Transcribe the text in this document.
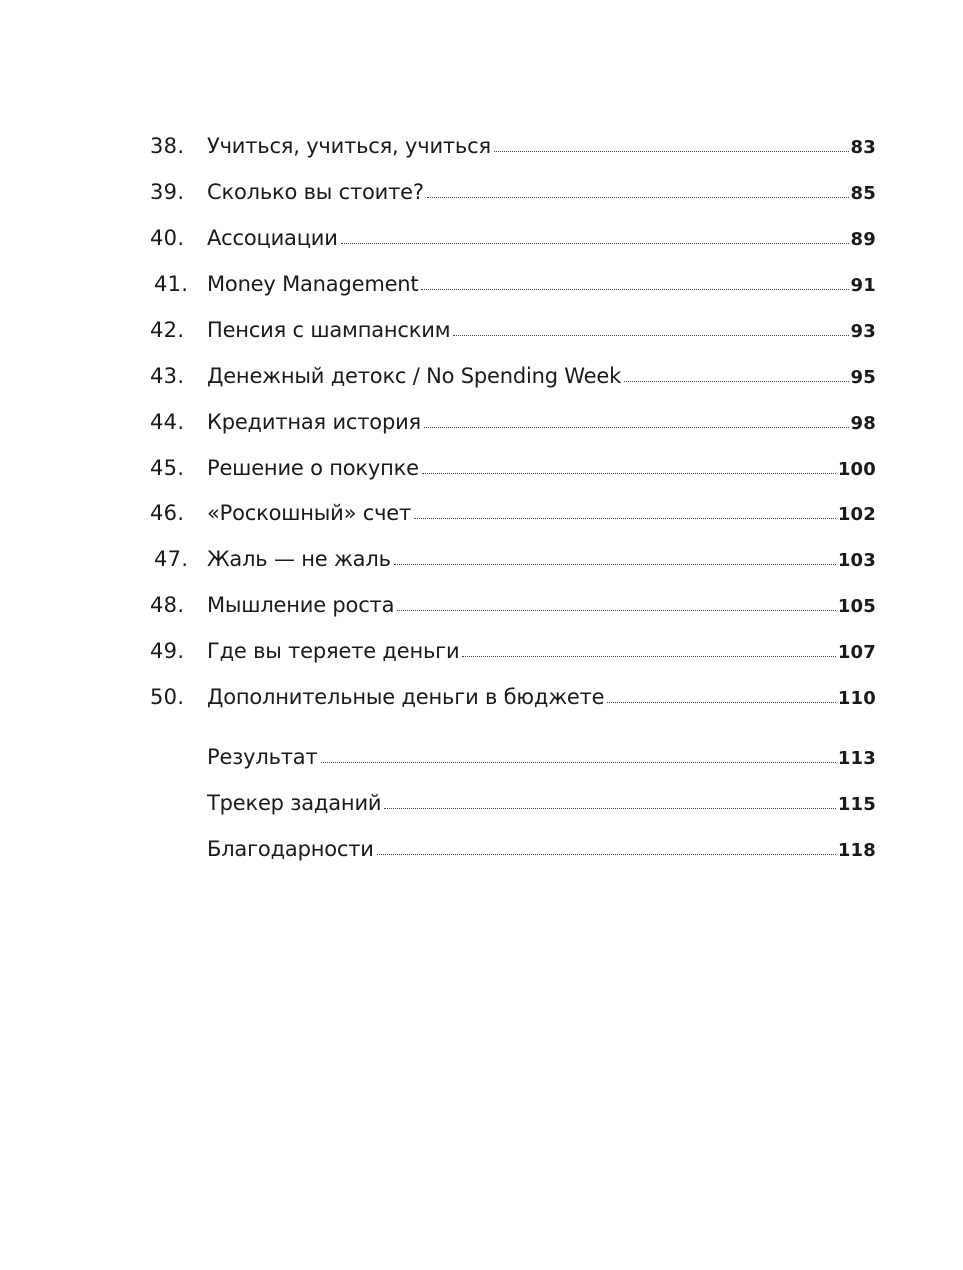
38.	Учиться, учиться, учиться	83
39.	Сколько вы стоите?	85
40.	Ассоциации	89
41. Money Management	91
42.	Пенсия с шампанским	93
43.	Денежный детокс / No Spending Week	95
44.	Кредитная история	98
45.	Решение о покупке	100
46.	«Роскошный» счет	102
47. Жаль — не жаль	103
48.	Мышление роста	105
49.	Где вы теряете деньги	107
50.	Дополнительные деньги в бюджете	110
Результат	113
Трекер заданий	115
Благодарности	118
